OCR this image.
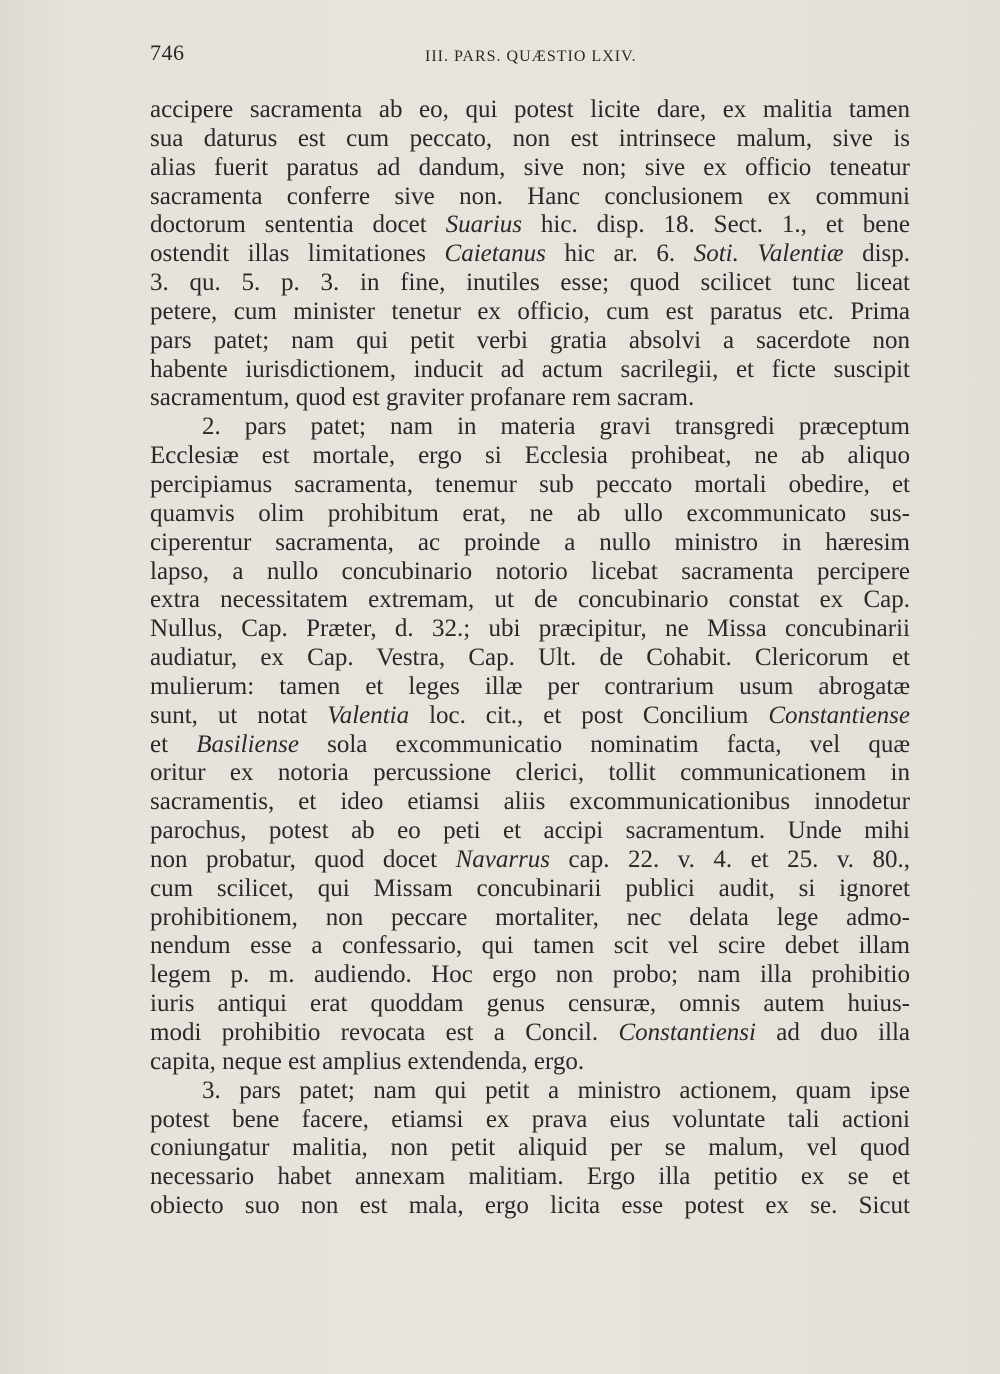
746	III. PARS. QUÆSTIO LXIV.
accipere sacramenta ab eo, qui potest licite dare, ex malitia tamen
sua daturus est cum peccato, non est intrinsece malum, sive is
alias fuerit paratus ad dandum, sive non; sive ex officio teneatur
sacramenta conferre sive non. Hanc conclusionem ex communi
doctorum sententia docet Suarius hic. disp. 18. Sect. 1., et bene
ostendit illas limitationes Caietanus hic ar. 6. Soti. Valentiæ disp.
3. qu. 5. p. 3. in fine, inutiles esse; quod scilicet tunc liceat
petere, cum minister tenetur ex officio, cum est paratus etc. Prima
pars patet; nam qui petit verbi gratia absolvi a sacerdote non
habente iurisdictionem, inducit ad actum sacrilegii, et ficte suscipit
sacramentum, quod est graviter profanare rem sacram.
2. pars patet; nam in materia gravi transgredi præceptum
Ecclesiæ est mortale, ergo si Ecclesia prohibeat, ne ab aliquo
percipiamus sacramenta, tenemur sub peccato mortali obedire, et
quamvis olim prohibitum erat, ne ab ullo excommunicato sus-
ciperentur sacramenta, ac proinde a nullo ministro in hæresim
lapso, a nullo concubinario notorio licebat sacramenta percipere
extra necessitatem extremam, ut de concubinario constat ex Cap.
Nullus, Cap. Præter, d. 32.; ubi præcipitur, ne Missa concubinarii
audiatur, ex Cap. Vestra, Cap. Ult. de Cohabit. Clericorum et
mulierum: tamen et leges illæ per contrarium usum abrogatæ
sunt, ut notat Valentia loc. cit., et post Concilium Constantiense
et Basiliense sola excommunicatio nominatim facta, vel quæ
oritur ex notoria percussione clerici, tollit communicationem in
sacramentis, et ideo etiamsi aliis excommunicationibus innodetur
parochus, potest ab eo peti et accipi sacramentum. Unde mihi
non probatur, quod docet Navarrus cap. 22. v. 4. et 25. v. 80.,
cum scilicet, qui Missam concubinarii publici audit, si ignoret
prohibitionem, non peccare mortaliter, nec delata lege admo-
nendum esse a confessario, qui tamen scit vel scire debet illam
legem p. m. audiendo. Hoc ergo non probo; nam illa prohibitio
iuris antiqui erat quoddam genus censuræ, omnis autem huius-
modi prohibitio revocata est a Concil. Constantiensi ad duo illa
capita, neque est amplius extendenda, ergo.
3. pars patet; nam qui petit a ministro actionem, quam ipse
potest bene facere, etiamsi ex prava eius voluntate tali actioni
coniungatur malitia, non petit aliquid per se malum, vel quod
necessario habet annexam malitiam. Ergo illa petitio ex se et
obiecto suo non est mala, ergo licita esse potest ex se. Sicut
